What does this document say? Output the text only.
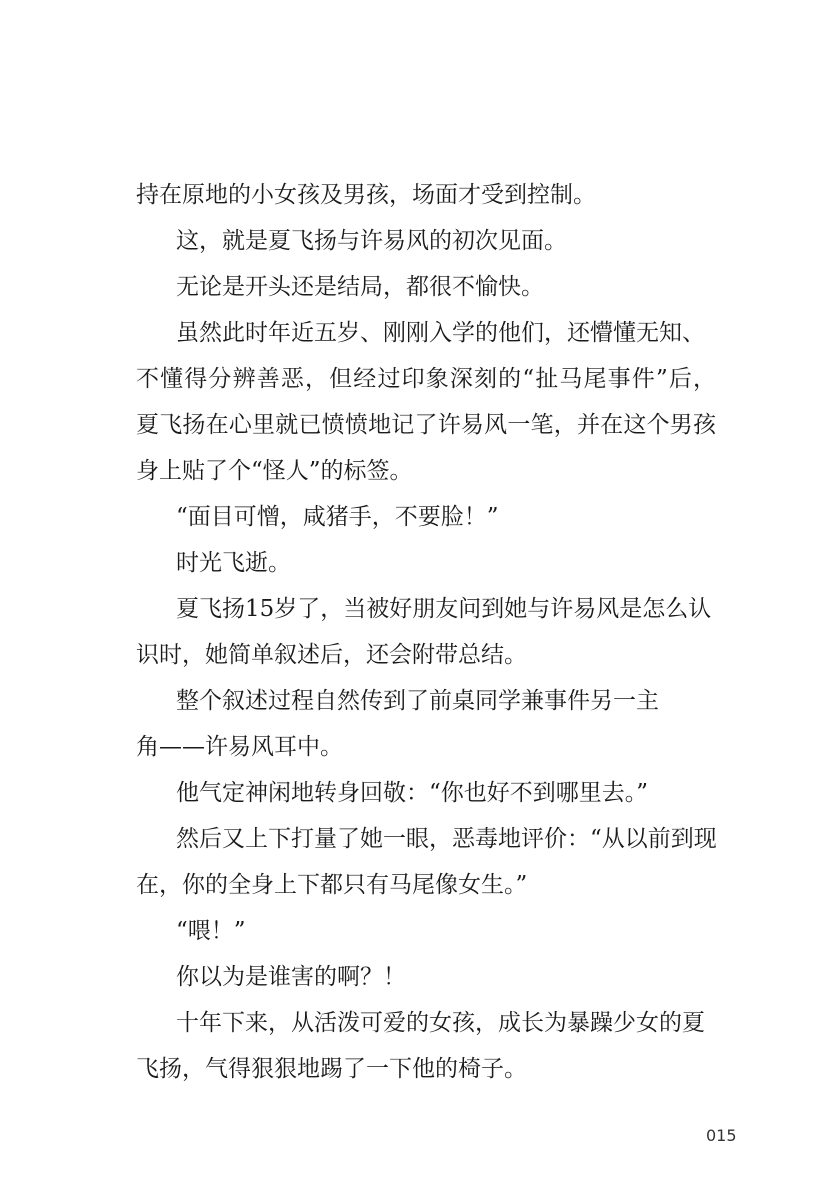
持在原地的小女孩及男孩，场面才受到控制。
这，就是夏飞扬与许易风的初次见面。
无论是开头还是结局，都很不愉快。
虽然此时年近五岁、刚刚入学的他们，还懵懂无知、
不懂得分辨善恶，但经过印象深刻的“扯马尾事件”后，
夏飞扬在心里就已愤愤地记了许易风一笔，并在这个男孩
身上贴了个“怪人”的标签。
“面目可憎，咸猪手，不要脸！”
时光飞逝。
夏飞扬15岁了，当被好朋友问到她与许易风是怎么认
识时，她简单叙述后，还会附带总结。
整个叙述过程自然传到了前桌同学兼事件另一主
角——许易风耳中。
他气定神闲地转身回敬：“你也好不到哪里去。”
然后又上下打量了她一眼，恶毒地评价：“从以前到现
在，你的全身上下都只有马尾像女生。”
“喂！”
你以为是谁害的啊？！
十年下来，从活泼可爱的女孩，成长为暴躁少女的夏
飞扬，气得狠狠地踢了一下他的椅子。
015
